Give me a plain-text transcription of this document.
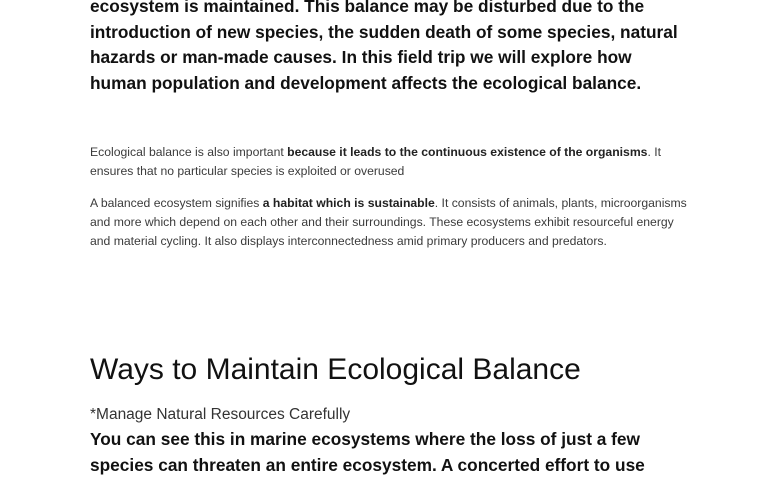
ecosystem is maintained. This balance may be disturbed due to the introduction of new species, the sudden death of some species, natural hazards or man-made causes. In this field trip we will explore how human population and development affects the ecological balance.

Ecological balance is also important because it leads to the continuous existence of the organisms. It ensures that no particular species is exploited or overused

A balanced ecosystem signifies a habitat which is sustainable. It consists of animals, plants, microorganisms and more which depend on each other and their surroundings. These ecosystems exhibit resourceful energy and material cycling. It also displays interconnectedness amid primary producers and predators.

Ways to Maintain Ecological Balance

*Manage Natural Resources Carefully

You can see this in marine ecosystems where the loss of just a few species can threaten an entire ecosystem. A concerted effort to use
